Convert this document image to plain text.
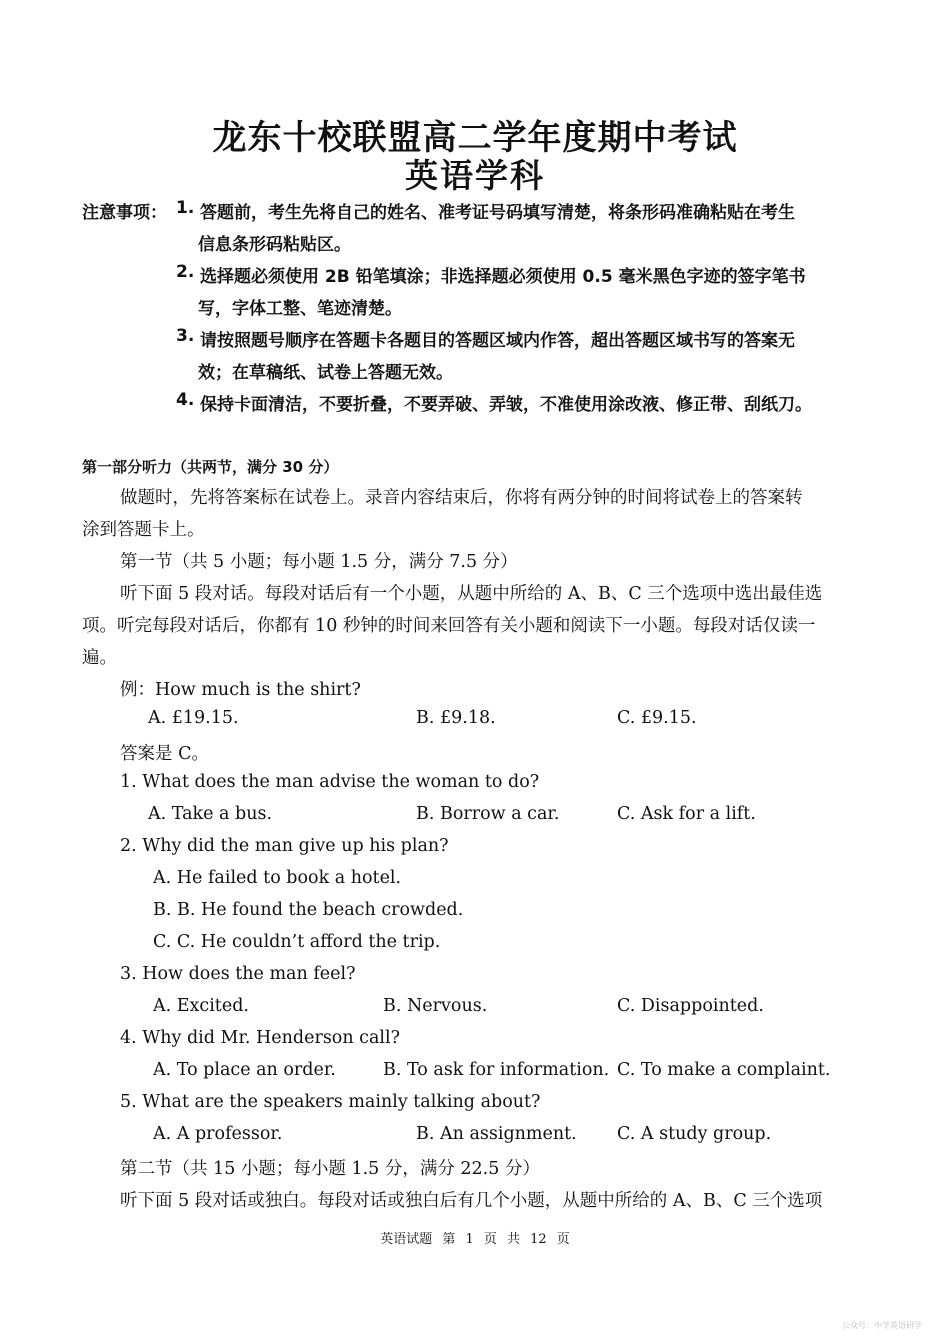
龙东十校联盟高二学年度期中考试
英语学科
注意事项： 1. 答题前，考生先将自己的姓名、准考证号码填写清楚，将条形码准确粘贴在考生
信息条形码粘贴区。
2. 选择题必须使用 2B 铅笔填涂；非选择题必须使用 0.5 毫米黑色字迹的签字笔书
写，字体工整、笔迹清楚。
3. 请按照题号顺序在答题卡各题目的答题区域内作答，超出答题区域书写的答案无
效；在草稿纸、试卷上答题无效。
4. 保持卡面清洁，不要折叠，不要弄破、弄皱，不准使用涂改液、修正带、刮纸刀。
第一部分听力（共两节，满分 30 分）
做题时，先将答案标在试卷上。录音内容结束后，你将有两分钟的时间将试卷上的答案转
涂到答题卡上。
第一节（共 5 小题；每小题 1.5 分，满分 7.5 分）
听下面 5 段对话。每段对话后有一个小题，从题中所给的 A、B、C 三个选项中选出最佳选
项。听完每段对话后，你都有 10 秒钟的时间来回答有关小题和阅读下一小题。每段对话仅读一
遍。
例：How much is the shirt?
A. £19.15.	B. £9.18.	C. £9.15.
答案是 C。
1. What does the man advise the woman to do?
A. Take a bus.	B. Borrow a car.	C. Ask for a lift.
2. Why did the man give up his plan?
A. He failed to book a hotel.
B. B. He found the beach crowded.
C. C. He couldn’t afford the trip.
3. How does the man feel?
A. Excited.	B. Nervous.	C. Disappointed.
4. Why did Mr. Henderson call?
A. To place an order.	B. To ask for information. C. To make a complaint.
5. What are the speakers mainly talking about?
A. A professor.	B. An assignment. C. A study group.
第二节（共 15 小题；每小题 1.5 分，满分 22.5 分）
听下面 5 段对话或独白。每段对话或独白后有几个小题，从题中所给的 A、B、C 三个选项
英语试题 第 1 页 共 12 页
公众号：中学英语研学
